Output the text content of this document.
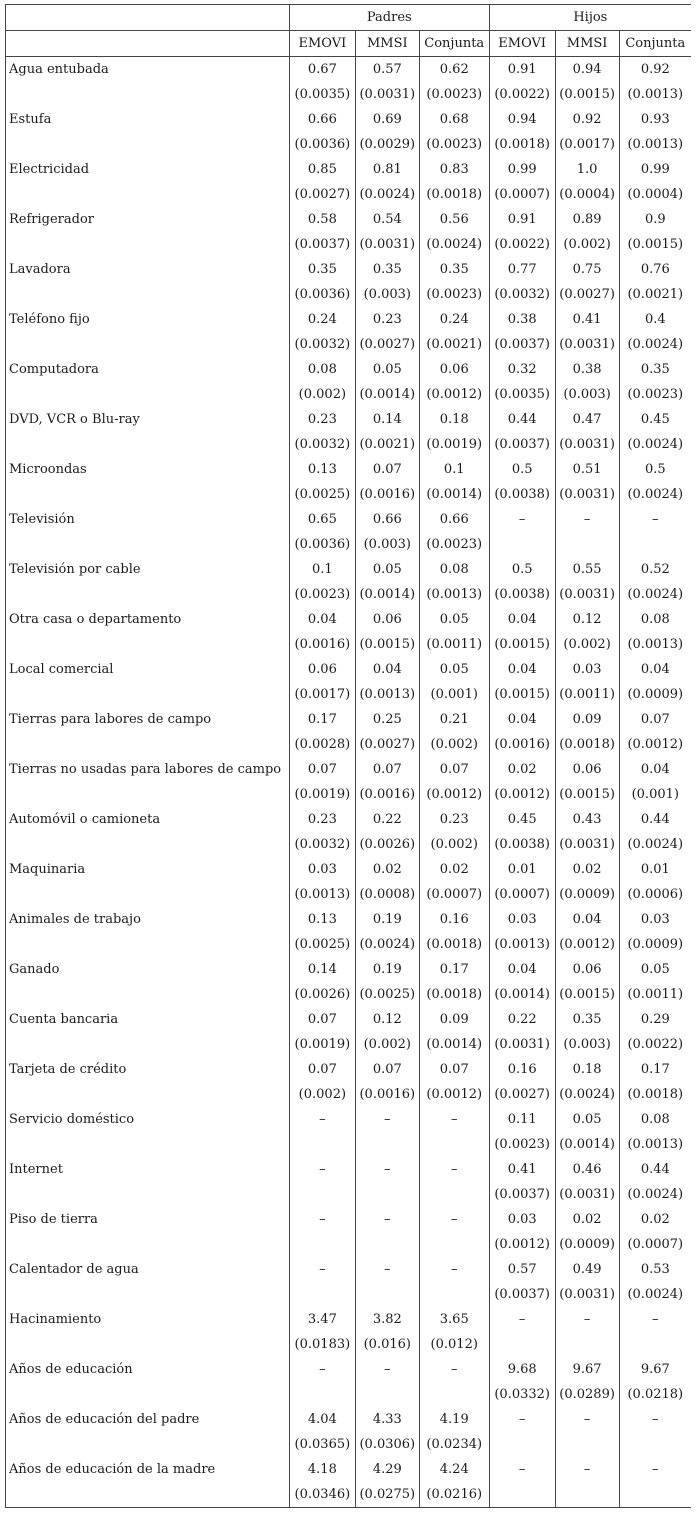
	Padres			Hijos		
	EMOVI	MMSI	Conjunta	EMOVI	MMSI	Conjunta
Agua entubada	0.67	0.57	0.62	0.91	0.94	0.92
	(0.0035)	(0.0031)	(0.0023)	(0.0022)	(0.0015)	(0.0013)
Estufa	0.66	0.69	0.68	0.94	0.92	0.93
	(0.0036)	(0.0029)	(0.0023)	(0.0018)	(0.0017)	(0.0013)
Electricidad	0.85	0.81	0.83	0.99	1.0	0.99
	(0.0027)	(0.0024)	(0.0018)	(0.0007)	(0.0004)	(0.0004)
Refrigerador	0.58	0.54	0.56	0.91	0.89	0.9
	(0.0037)	(0.0031)	(0.0024)	(0.0022)	(0.002)	(0.0015)
Lavadora	0.35	0.35	0.35	0.77	0.75	0.76
	(0.0036)	(0.003)	(0.0023)	(0.0032)	(0.0027)	(0.0021)
Teléfono fijo	0.24	0.23	0.24	0.38	0.41	0.4
	(0.0032)	(0.0027)	(0.0021)	(0.0037)	(0.0031)	(0.0024)
Computadora	0.08	0.05	0.06	0.32	0.38	0.35
	(0.002)	(0.0014)	(0.0012)	(0.0035)	(0.003)	(0.0023)
DVD, VCR o Blu-ray	0.23	0.14	0.18	0.44	0.47	0.45
	(0.0032)	(0.0021)	(0.0019)	(0.0037)	(0.0031)	(0.0024)
Microondas	0.13	0.07	0.1	0.5	0.51	0.5
	(0.0025)	(0.0016)	(0.0014)	(0.0038)	(0.0031)	(0.0024)
Televisión	0.65	0.66	0.66	–	–	–
	(0.0036)	(0.003)	(0.0023)			
Televisión por cable	0.1	0.05	0.08	0.5	0.55	0.52
	(0.0023)	(0.0014)	(0.0013)	(0.0038)	(0.0031)	(0.0024)
Otra casa o departamento	0.04	0.06	0.05	0.04	0.12	0.08
	(0.0016)	(0.0015)	(0.0011)	(0.0015)	(0.002)	(0.0013)
Local comercial	0.06	0.04	0.05	0.04	0.03	0.04
	(0.0017)	(0.0013)	(0.001)	(0.0015)	(0.0011)	(0.0009)
Tierras para labores de campo	0.17	0.25	0.21	0.04	0.09	0.07
	(0.0028)	(0.0027)	(0.002)	(0.0016)	(0.0018)	(0.0012)
Tierras no usadas para labores de campo	0.07	0.07	0.07	0.02	0.06	0.04
	(0.0019)	(0.0016)	(0.0012)	(0.0012)	(0.0015)	(0.001)
Automóvil o camioneta	0.23	0.22	0.23	0.45	0.43	0.44
	(0.0032)	(0.0026)	(0.002)	(0.0038)	(0.0031)	(0.0024)
Maquinaria	0.03	0.02	0.02	0.01	0.02	0.01
	(0.0013)	(0.0008)	(0.0007)	(0.0007)	(0.0009)	(0.0006)
Animales de trabajo	0.13	0.19	0.16	0.03	0.04	0.03
	(0.0025)	(0.0024)	(0.0018)	(0.0013)	(0.0012)	(0.0009)
Ganado	0.14	0.19	0.17	0.04	0.06	0.05
	(0.0026)	(0.0025)	(0.0018)	(0.0014)	(0.0015)	(0.0011)
Cuenta bancaria	0.07	0.12	0.09	0.22	0.35	0.29
	(0.0019)	(0.002)	(0.0014)	(0.0031)	(0.003)	(0.0022)
Tarjeta de crédito	0.07	0.07	0.07	0.16	0.18	0.17
	(0.002)	(0.0016)	(0.0012)	(0.0027)	(0.0024)	(0.0018)
Servicio doméstico	–	–	–	0.11	0.05	0.08
				(0.0023)	(0.0014)	(0.0013)
Internet	–	–	–	0.41	0.46	0.44
				(0.0037)	(0.0031)	(0.0024)
Piso de tierra	–	–	–	0.03	0.02	0.02
				(0.0012)	(0.0009)	(0.0007)
Calentador de agua	–	–	–	0.57	0.49	0.53
				(0.0037)	(0.0031)	(0.0024)
Hacinamiento	3.47	3.82	3.65	–	–	–
	(0.0183)	(0.016)	(0.012)			
Años de educación	–	–	–	9.68	9.67	9.67
				(0.0332)	(0.0289)	(0.0218)
Años de educación del padre	4.04	4.33	4.19	–	–	–
	(0.0365)	(0.0306)	(0.0234)			
Años de educación de la madre	4.18	4.29	4.24	–	–	–
	(0.0346)	(0.0275)	(0.0216)			
